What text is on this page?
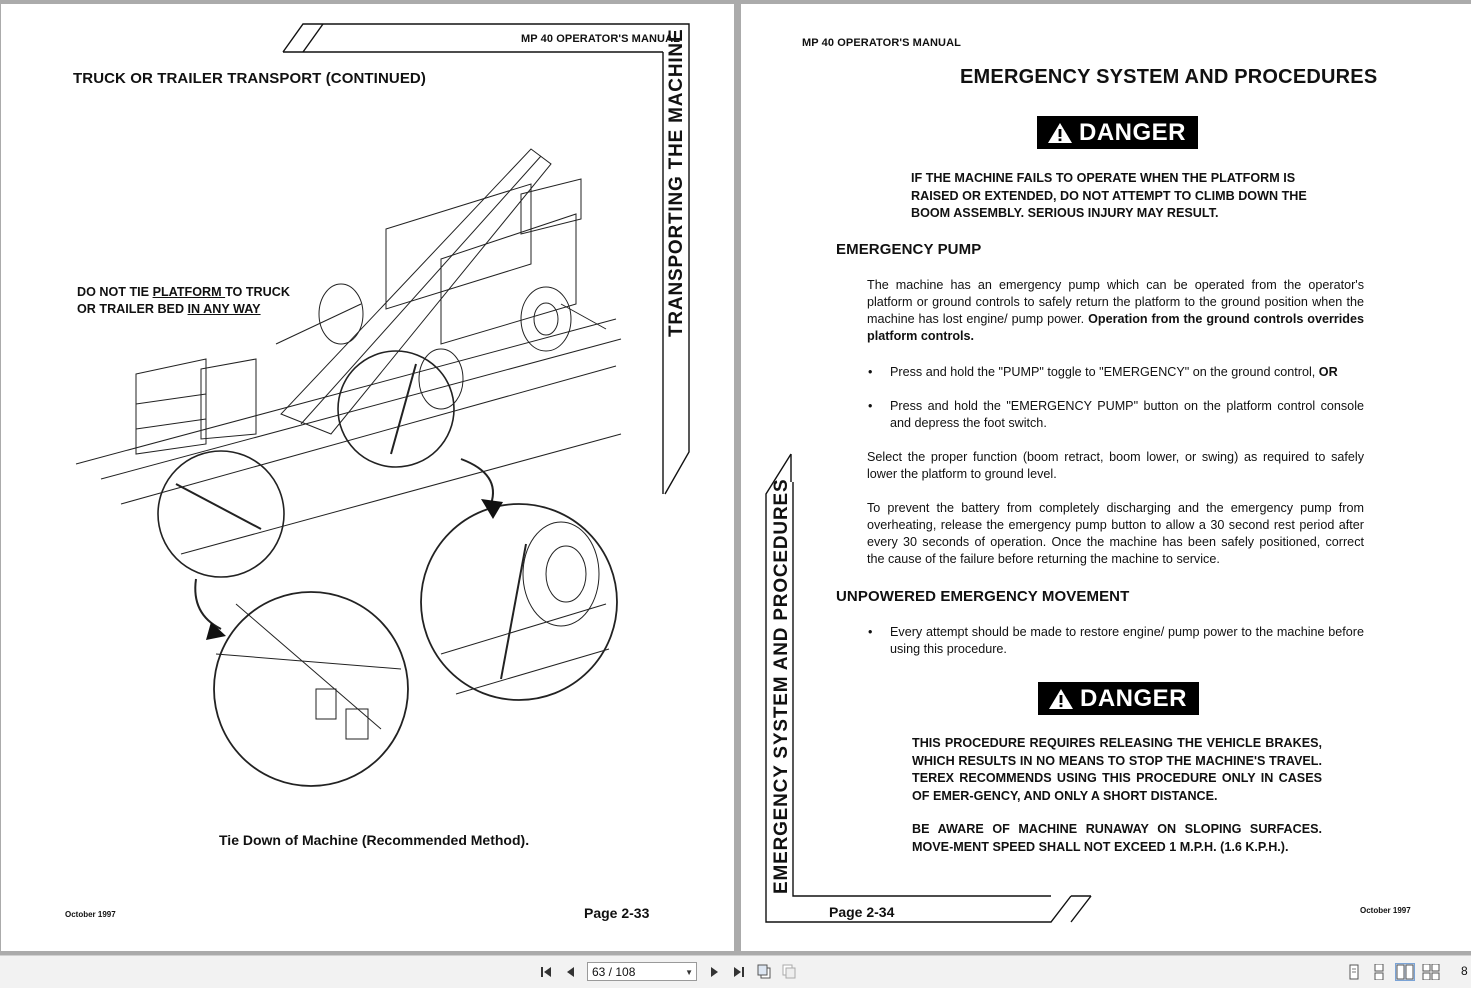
MP 40 OPERATOR'S MANUAL
TRUCK OR TRAILER TRANSPORT (CONTINUED)	TRANSPORTING THE MACHINE
DO NOT TIE PLATFORM TO TRUCK
OR TRAILER BED IN ANY WAY
Tie Down of Machine (Recommended Method).
October 1997	Page 2-33
MP 40 OPERATOR'S MANUAL
EMERGENCY SYSTEM AND PROCEDURES
DANGER
IF THE MACHINE FAILS TO OPERATE WHEN THE PLATFORM IS RAISED OR EXTENDED, DO NOT ATTEMPT TO CLIMB DOWN THE BOOM ASSEMBLY. SERIOUS INJURY MAY RESULT.
EMERGENCY PUMP
The machine has an emergency pump which can be operated from the operator's platform or ground controls to safely return the platform to the ground position when the machine has lost engine/ pump power. Operation from the ground controls overrides platform controls.
• Press and hold the "PUMP" toggle to "EMERGENCY" on the ground control, OR
• Press and hold the "EMERGENCY PUMP" button on the platform control console and depress the foot switch.
Select the proper function (boom retract, boom lower, or swing) as required to safely lower the platform to ground level.
To prevent the battery from completely discharging and the emergency pump from overheating, release the emergency pump button to allow a 30 second rest period after every 30 seconds of operation. Once the machine has been safely positioned, correct the cause of the failure before returning the machine to service.
UNPOWERED EMERGENCY MOVEMENT
• Every attempt should be made to restore engine/ pump power to the machine before using this procedure.
DANGER
THIS PROCEDURE REQUIRES RELEASING THE VEHICLE BRAKES, WHICH RESULTS IN NO MEANS TO STOP THE MACHINE'S TRAVEL. TEREX RECOMMENDS USING THIS PROCEDURE ONLY IN CASES OF EMER-GENCY, AND ONLY A SHORT DISTANCE.
BE AWARE OF MACHINE RUNAWAY ON SLOPING SURFACES. MOVE-MENT SPEED SHALL NOT EXCEED 1 M.P.H. (1.6 K.P.H.).
EMERGENCY SYSTEM AND PROCEDURES
Page 2-34	October 1997
63 / 108	▼	8
